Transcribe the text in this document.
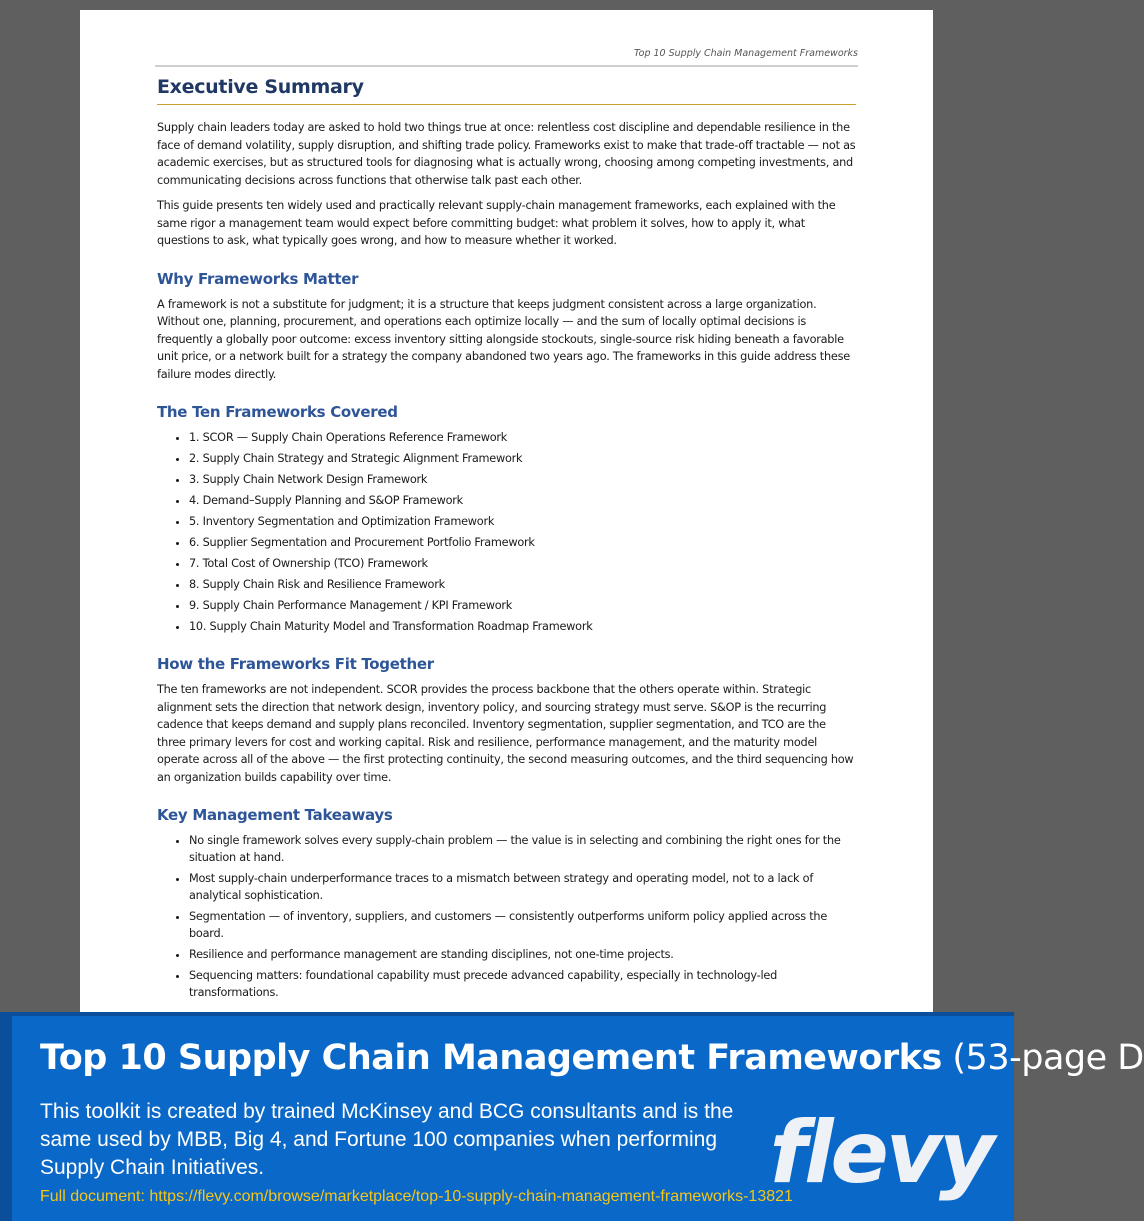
Top 10 Supply Chain Management Frameworks
Executive Summary

Supply chain leaders today are asked to hold two things true at once: relentless cost discipline and dependable resilience in the face of demand volatility, supply disruption, and shifting trade policy. Frameworks exist to make that trade-off tractable — not as academic exercises, but as structured tools for diagnosing what is actually wrong, choosing among competing investments, and communicating decisions across functions that otherwise talk past each other.

This guide presents ten widely used and practically relevant supply-chain management frameworks, each explained with the same rigor a management team would expect before committing budget: what problem it solves, how to apply it, what questions to ask, what typically goes wrong, and how to measure whether it worked.

Why Frameworks Matter

A framework is not a substitute for judgment; it is a structure that keeps judgment consistent across a large organization. Without one, planning, procurement, and operations each optimize locally — and the sum of locally optimal decisions is frequently a globally poor outcome: excess inventory sitting alongside stockouts, single-source risk hiding beneath a favorable unit price, or a network built for a strategy the company abandoned two years ago. The frameworks in this guide address these failure modes directly.

The Ten Frameworks Covered
• 1. SCOR — Supply Chain Operations Reference Framework
• 2. Supply Chain Strategy and Strategic Alignment Framework
• 3. Supply Chain Network Design Framework
• 4. Demand–Supply Planning and S&OP Framework
• 5. Inventory Segmentation and Optimization Framework
• 6. Supplier Segmentation and Procurement Portfolio Framework
• 7. Total Cost of Ownership (TCO) Framework
• 8. Supply Chain Risk and Resilience Framework
• 9. Supply Chain Performance Management / KPI Framework
• 10. Supply Chain Maturity Model and Transformation Roadmap Framework
How the Frameworks Fit Together

The ten frameworks are not independent. SCOR provides the process backbone that the others operate within. Strategic alignment sets the direction that network design, inventory policy, and sourcing strategy must serve. S&OP is the recurring cadence that keeps demand and supply plans reconciled. Inventory segmentation, supplier segmentation, and TCO are the three primary levers for cost and working capital. Risk and resilience, performance management, and the maturity model operate across all of the above — the first protecting continuity, the second measuring outcomes, and the third sequencing how an organization builds capability over time.

Key Management Takeaways
• No single framework solves every supply-chain problem — the value is in selecting and combining the right ones for the situation at hand.
• Most supply-chain underperformance traces to a mismatch between strategy and operating model, not to a lack of analytical sophistication.
• Segmentation — of inventory, suppliers, and customers — consistently outperforms uniform policy applied across the board.
• Resilience and performance management are standing disciplines, not one-time projects.
• Sequencing matters: foundational capability must precede advanced capability, especially in technology-led transformations.
Top 10 Supply Chain Management Frameworks (53-page D
This toolkit is created by trained McKinsey and BCG consultants and is the same used by MBB, Big 4, and Fortune 100 companies when performing Supply Chain Initiatives.
Full document: https://flevy.com/browse/marketplace/top-10-supply-chain-management-frameworks-13821
flevy
